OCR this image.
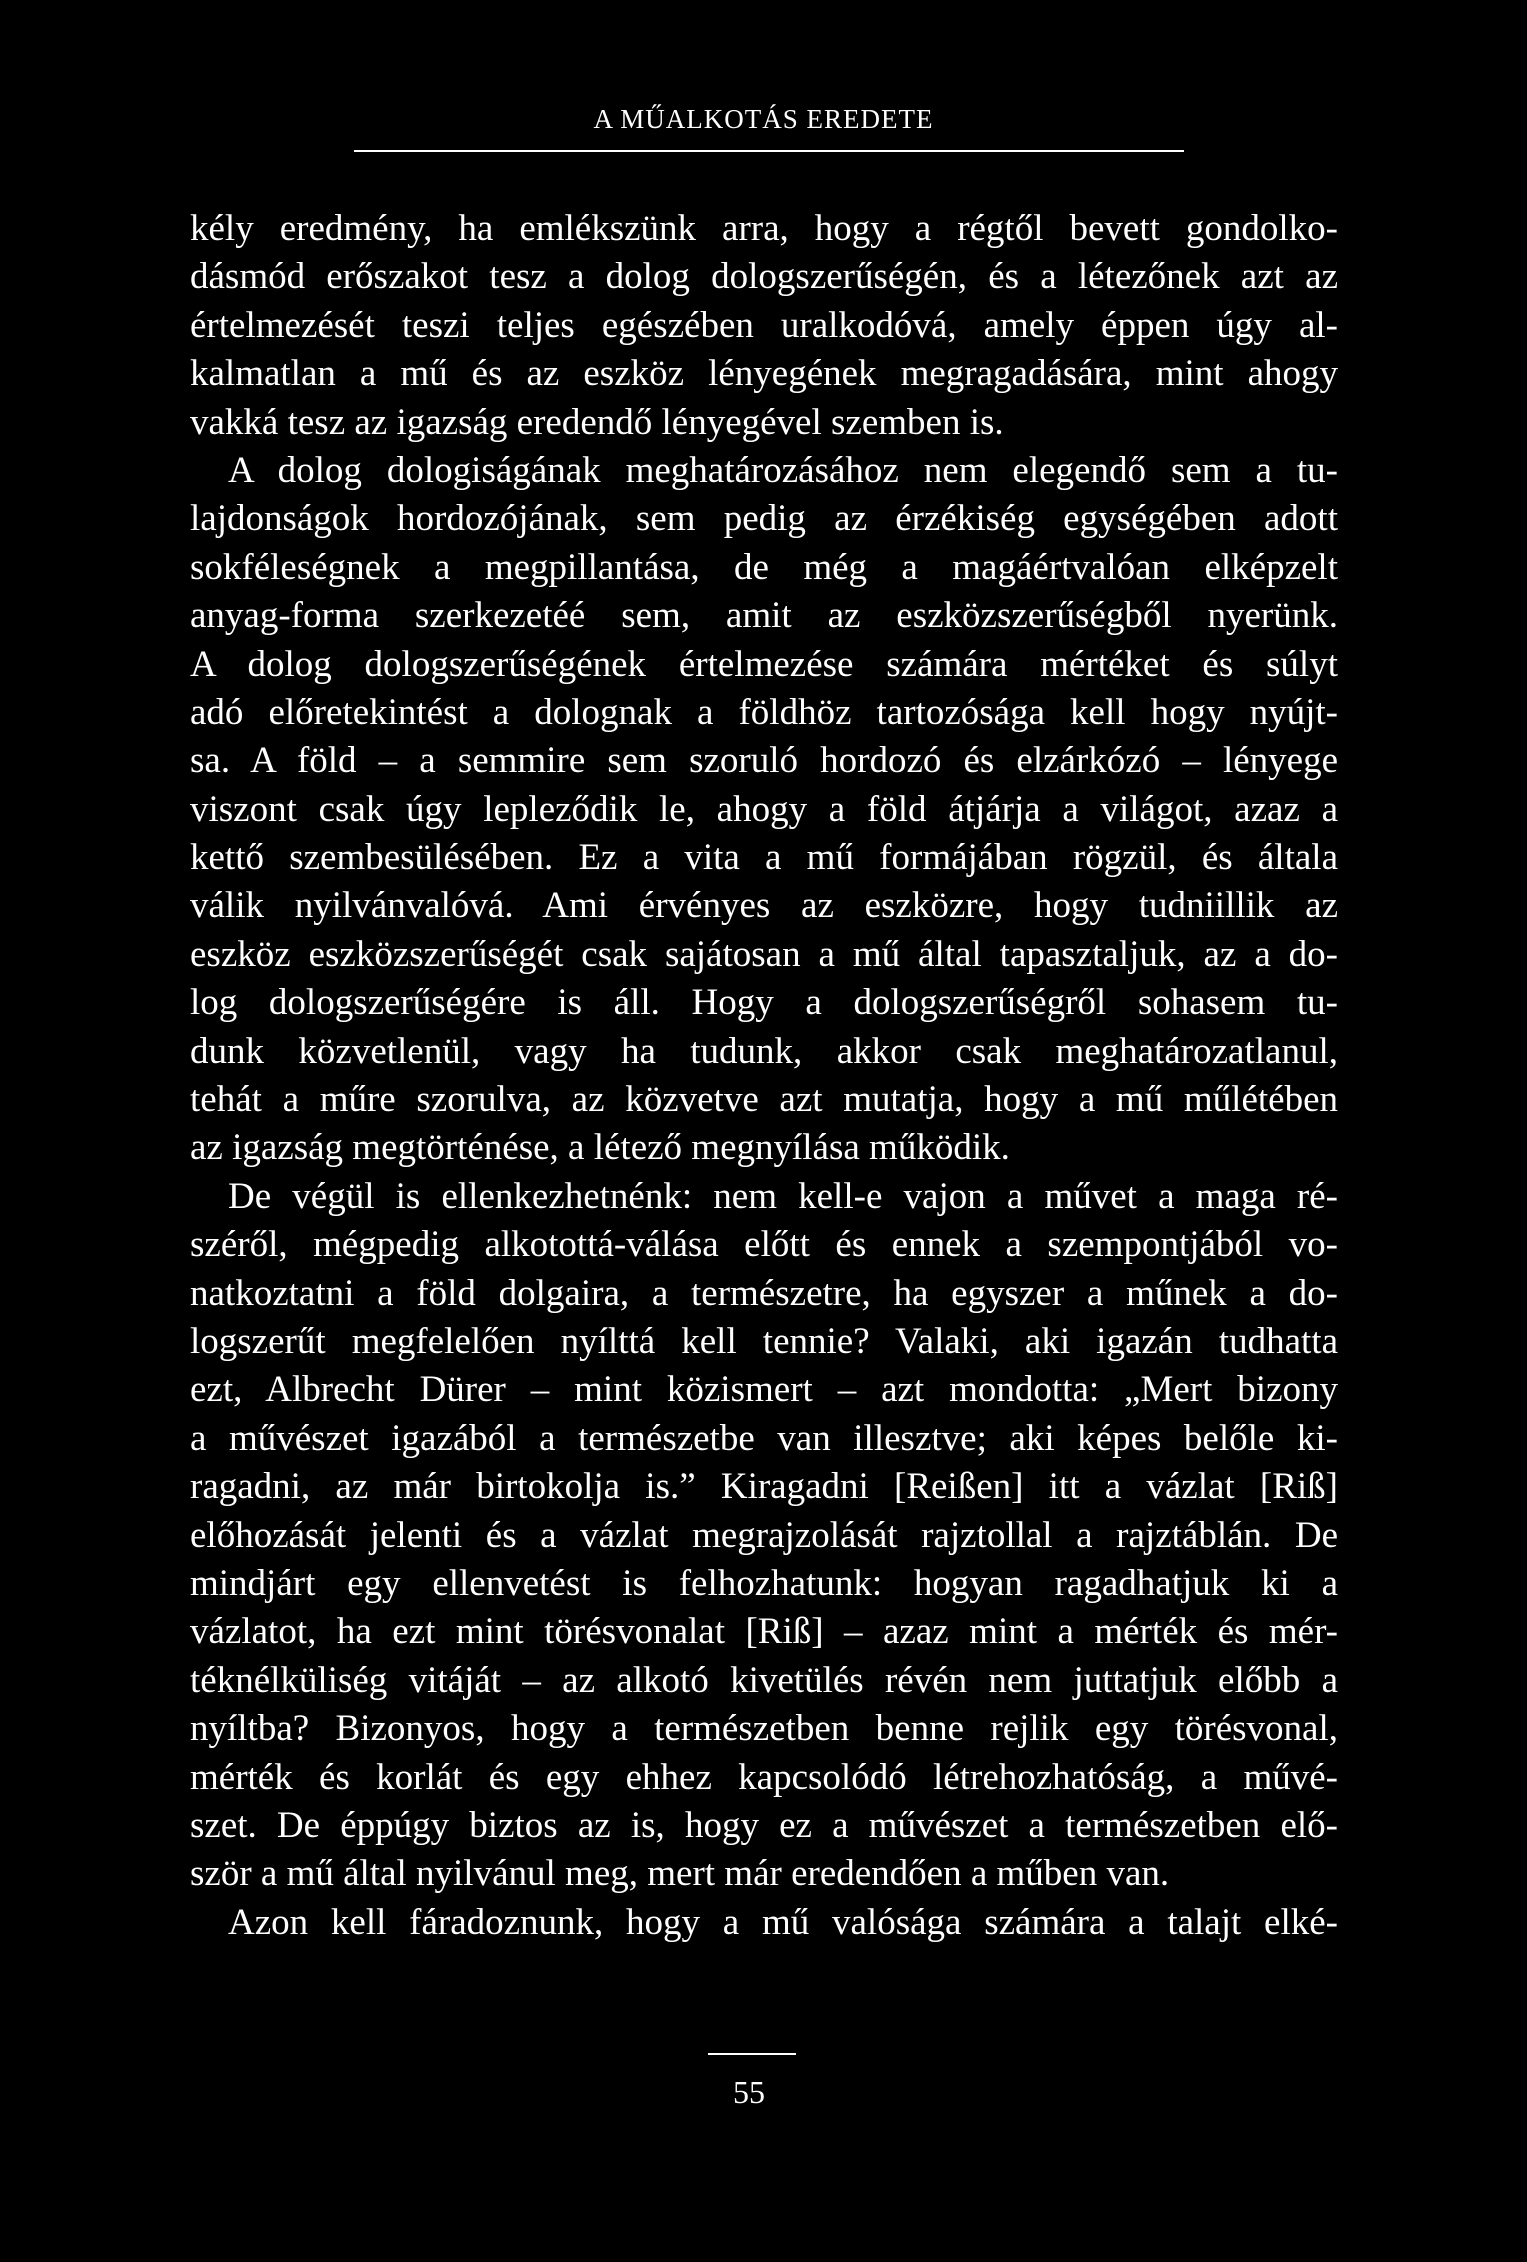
A MŰALKOTÁS EREDETE
kély eredmény, ha emlékszünk arra, hogy a régtől bevett gondolko-
dásmód erőszakot tesz a dolog dologszerűségén, és a létezőnek azt az
értelmezését teszi teljes egészében uralkodóvá, amely éppen úgy al-
kalmatlan a mű és az eszköz lényegének megragadására, mint ahogy
vakká tesz az igazság eredendő lényegével szemben is.
A dolog dologiságának meghatározásához nem elegendő sem a tu-
lajdonságok hordozójának, sem pedig az érzékiség egységében adott
sokféleségnek a megpillantása, de még a magáértvalóan elképzelt
anyag-forma szerkezetéé sem, amit az eszközszerűségből nyerünk.
A dolog dologszerűségének értelmezése számára mértéket és súlyt
adó előretekintést a dolognak a földhöz tartozósága kell hogy nyújt-
sa. A föld – a semmire sem szoruló hordozó és elzárkózó – lényege
viszont csak úgy lepleződik le, ahogy a föld átjárja a világot, azaz a
kettő szembesülésében. Ez a vita a mű formájában rögzül, és általa
válik nyilvánvalóvá. Ami érvényes az eszközre, hogy tudniillik az
eszköz eszközszerűségét csak sajátosan a mű által tapasztaljuk, az a do-
log dologszerűségére is áll. Hogy a dologszerűségről sohasem tu-
dunk közvetlenül, vagy ha tudunk, akkor csak meghatározatlanul,
tehát a műre szorulva, az közvetve azt mutatja, hogy a mű műlétében
az igazság megtörténése, a létező megnyílása működik.
De végül is ellenkezhetnénk: nem kell-e vajon a művet a maga ré-
széről, mégpedig alkotottá-válása előtt és ennek a szempontjából vo-
natkoztatni a föld dolgaira, a természetre, ha egyszer a műnek a do-
logszerűt megfelelően nyílttá kell tennie? Valaki, aki igazán tudhatta
ezt, Albrecht Dürer – mint közismert – azt mondotta: „Mert bizony
a művészet igazából a természetbe van illesztve; aki képes belőle ki-
ragadni, az már birtokolja is.” Kiragadni [Reißen] itt a vázlat [Riß]
előhozását jelenti és a vázlat megrajzolását rajztollal a rajztáblán. De
mindjárt egy ellenvetést is felhozhatunk: hogyan ragadhatjuk ki a
vázlatot, ha ezt mint törésvonalat [Riß] – azaz mint a mérték és mér-
téknélküliség vitáját – az alkotó kivetülés révén nem juttatjuk előbb a
nyíltba? Bizonyos, hogy a természetben benne rejlik egy törésvonal,
mérték és korlát és egy ehhez kapcsolódó létrehozhatóság, a művé-
szet. De éppúgy biztos az is, hogy ez a művészet a természetben elő-
ször a mű által nyilvánul meg, mert már eredendően a műben van.
Azon kell fáradoznunk, hogy a mű valósága számára a talajt elké-
55
